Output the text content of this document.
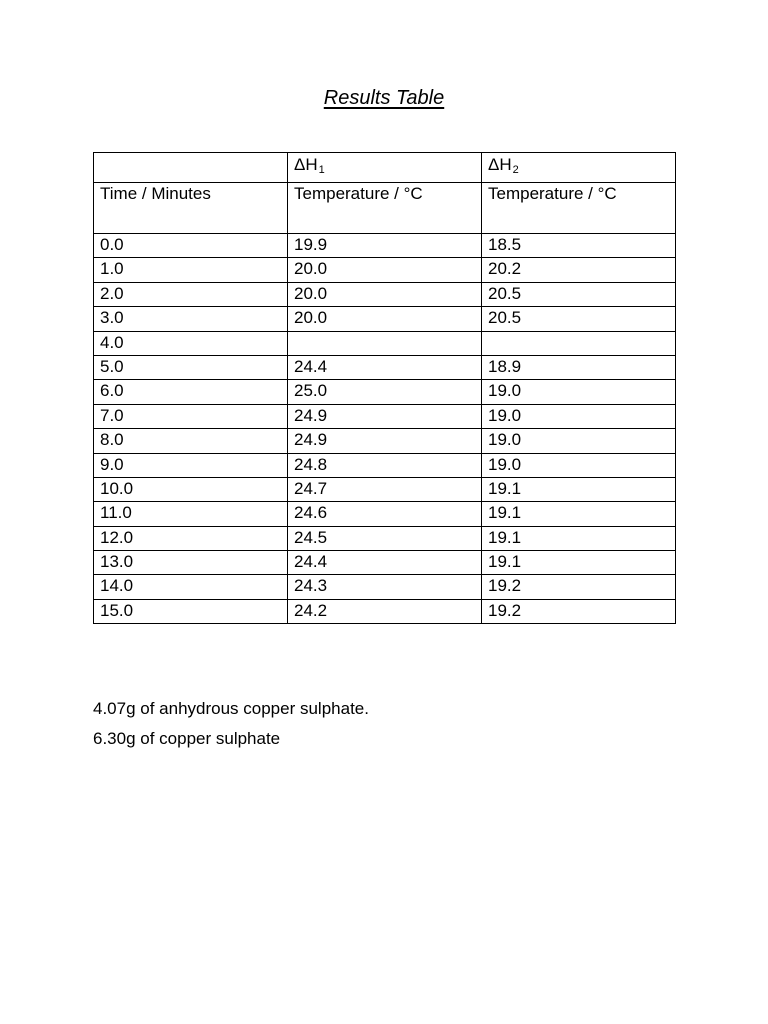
Results Table
	$\Delta H_1$	$\Delta H_2$
Time / Minutes	Temperature / °C	Temperature / °C
0.0	19.9	18.5
1.0	20.0	20.2
2.0	20.0	20.5
3.0	20.0	20.5
4.0		
5.0	24.4	18.9
6.0	25.0	19.0
7.0	24.9	19.0
8.0	24.9	19.0
9.0	24.8	19.0
10.0	24.7	19.1
11.0	24.6	19.1
12.0	24.5	19.1
13.0	24.4	19.1
14.0	24.3	19.2
15.0	24.2	19.2
4.07g of anhydrous copper sulphate.
6.30g of copper sulphate
